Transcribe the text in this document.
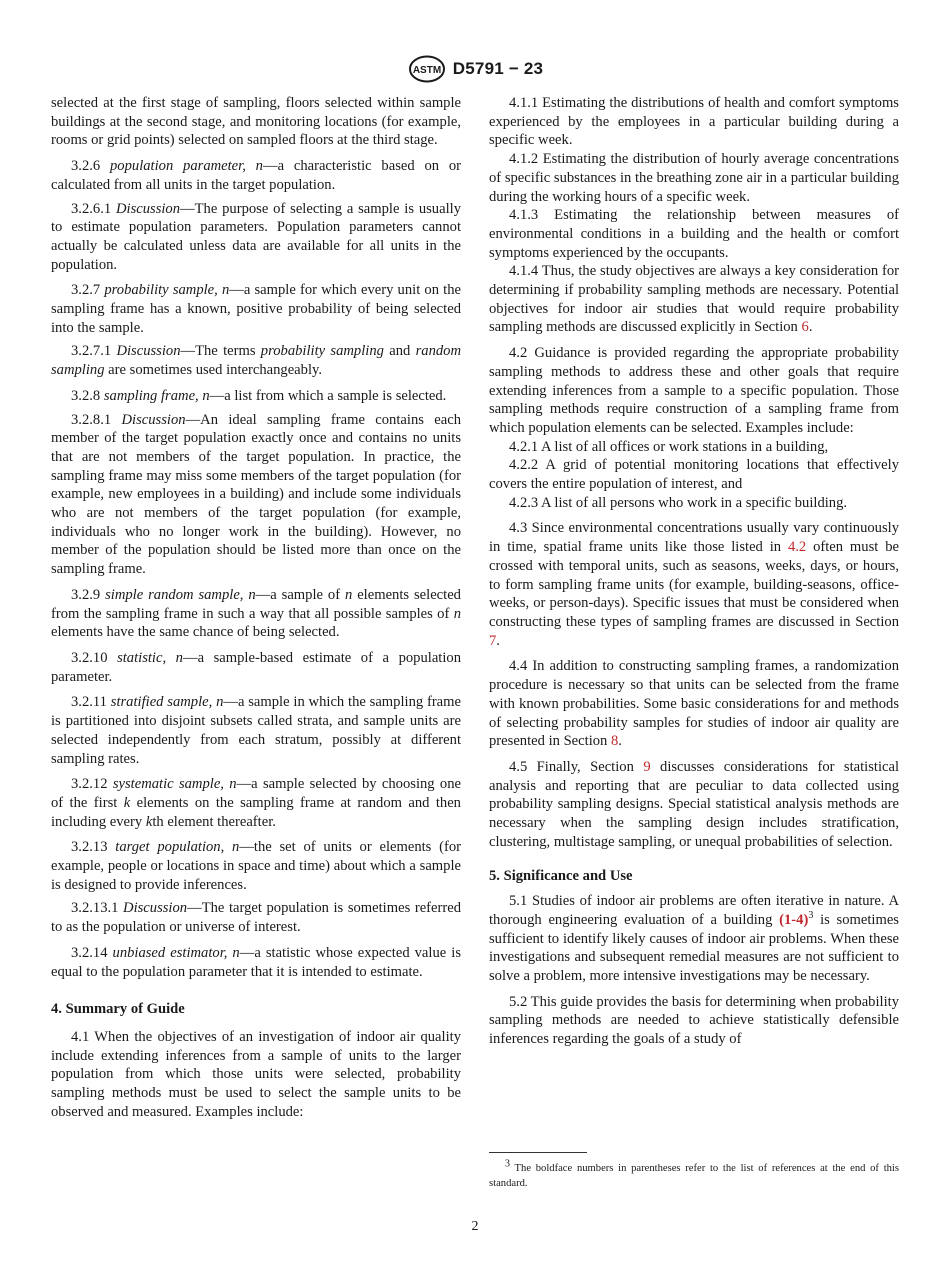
ASTM D5791 − 23

selected at the first stage of sampling, floors selected within sample buildings at the second stage, and monitoring locations (for example, rooms or grid points) selected on sampled floors at the third stage.

3.2.6 population parameter, n—a characteristic based on or calculated from all units in the target population.

3.2.6.1 Discussion—The purpose of selecting a sample is usually to estimate population parameters. Population parameters cannot actually be calculated unless data are available for all units in the population.

3.2.7 probability sample, n—a sample for which every unit on the sampling frame has a known, positive probability of being selected into the sample.

3.2.7.1 Discussion—The terms probability sampling and random sampling are sometimes used interchangeably.

3.2.8 sampling frame, n—a list from which a sample is selected.

3.2.8.1 Discussion—An ideal sampling frame contains each member of the target population exactly once and contains no units that are not members of the target population. In practice, the sampling frame may miss some members of the target population (for example, new employees in a building) and include some individuals who are not members of the target population (for example, individuals who no longer work in the building). However, no member of the population should be listed more than once on the sampling frame.

3.2.9 simple random sample, n—a sample of n elements selected from the sampling frame in such a way that all possible samples of n elements have the same chance of being selected.

3.2.10 statistic, n—a sample-based estimate of a population parameter.

3.2.11 stratified sample, n—a sample in which the sampling frame is partitioned into disjoint subsets called strata, and sample units are selected independently from each stratum, possibly at different sampling rates.

3.2.12 systematic sample, n—a sample selected by choosing one of the first k elements on the sampling frame at random and then including every kth element thereafter.

3.2.13 target population, n—the set of units or elements (for example, people or locations in space and time) about which a sample is designed to provide inferences.

3.2.13.1 Discussion—The target population is sometimes referred to as the population or universe of interest.

3.2.14 unbiased estimator, n—a statistic whose expected value is equal to the population parameter that it is intended to estimate.

4. Summary of Guide

4.1 When the objectives of an investigation of indoor air quality include extending inferences from a sample of units to the larger population from which those units were selected, probability sampling methods must be used to select the sample units to be observed and measured. Examples include:

4.1.1 Estimating the distributions of health and comfort symptoms experienced by the employees in a particular building during a specific week.

4.1.2 Estimating the distribution of hourly average concentrations of specific substances in the breathing zone air in a particular building during the working hours of a specific week.

4.1.3 Estimating the relationship between measures of environmental conditions in a building and the health or comfort symptoms experienced by the occupants.

4.1.4 Thus, the study objectives are always a key consideration for determining if probability sampling methods are necessary. Potential objectives for indoor air studies that would require probability sampling methods are discussed explicitly in Section 6.

4.2 Guidance is provided regarding the appropriate probability sampling methods to address these and other goals that require extending inferences from a sample to a specific population. Those sampling methods require construction of a sampling frame from which population elements can be selected. Examples include:

4.2.1 A list of all offices or work stations in a building,

4.2.2 A grid of potential monitoring locations that effectively covers the entire population of interest, and

4.2.3 A list of all persons who work in a specific building.

4.3 Since environmental concentrations usually vary continuously in time, spatial frame units like those listed in 4.2 often must be crossed with temporal units, such as seasons, weeks, days, or hours, to form sampling frame units (for example, building-seasons, office-weeks, or person-days). Specific issues that must be considered when constructing these types of sampling frames are discussed in Section 7.

4.4 In addition to constructing sampling frames, a randomization procedure is necessary so that units can be selected from the frame with known probabilities. Some basic considerations for and methods of selecting probability samples for studies of indoor air quality are presented in Section 8.

4.5 Finally, Section 9 discusses considerations for statistical analysis and reporting that are peculiar to data collected using probability sampling designs. Special statistical analysis methods are necessary when the sampling design includes stratification, clustering, multistage sampling, or unequal probabilities of selection.

5. Significance and Use

5.1 Studies of indoor air problems are often iterative in nature. A thorough engineering evaluation of a building $(1-4)^3$ is sometimes sufficient to identify likely causes of indoor air problems. When these investigations and subsequent remedial measures are not sufficient to solve a problem, more intensive investigations may be necessary.

5.2 This guide provides the basis for determining when probability sampling methods are needed to achieve statistically defensible inferences regarding the goals of a study of

$^3$ The boldface numbers in parentheses refer to the list of references at the end of this standard.
2
